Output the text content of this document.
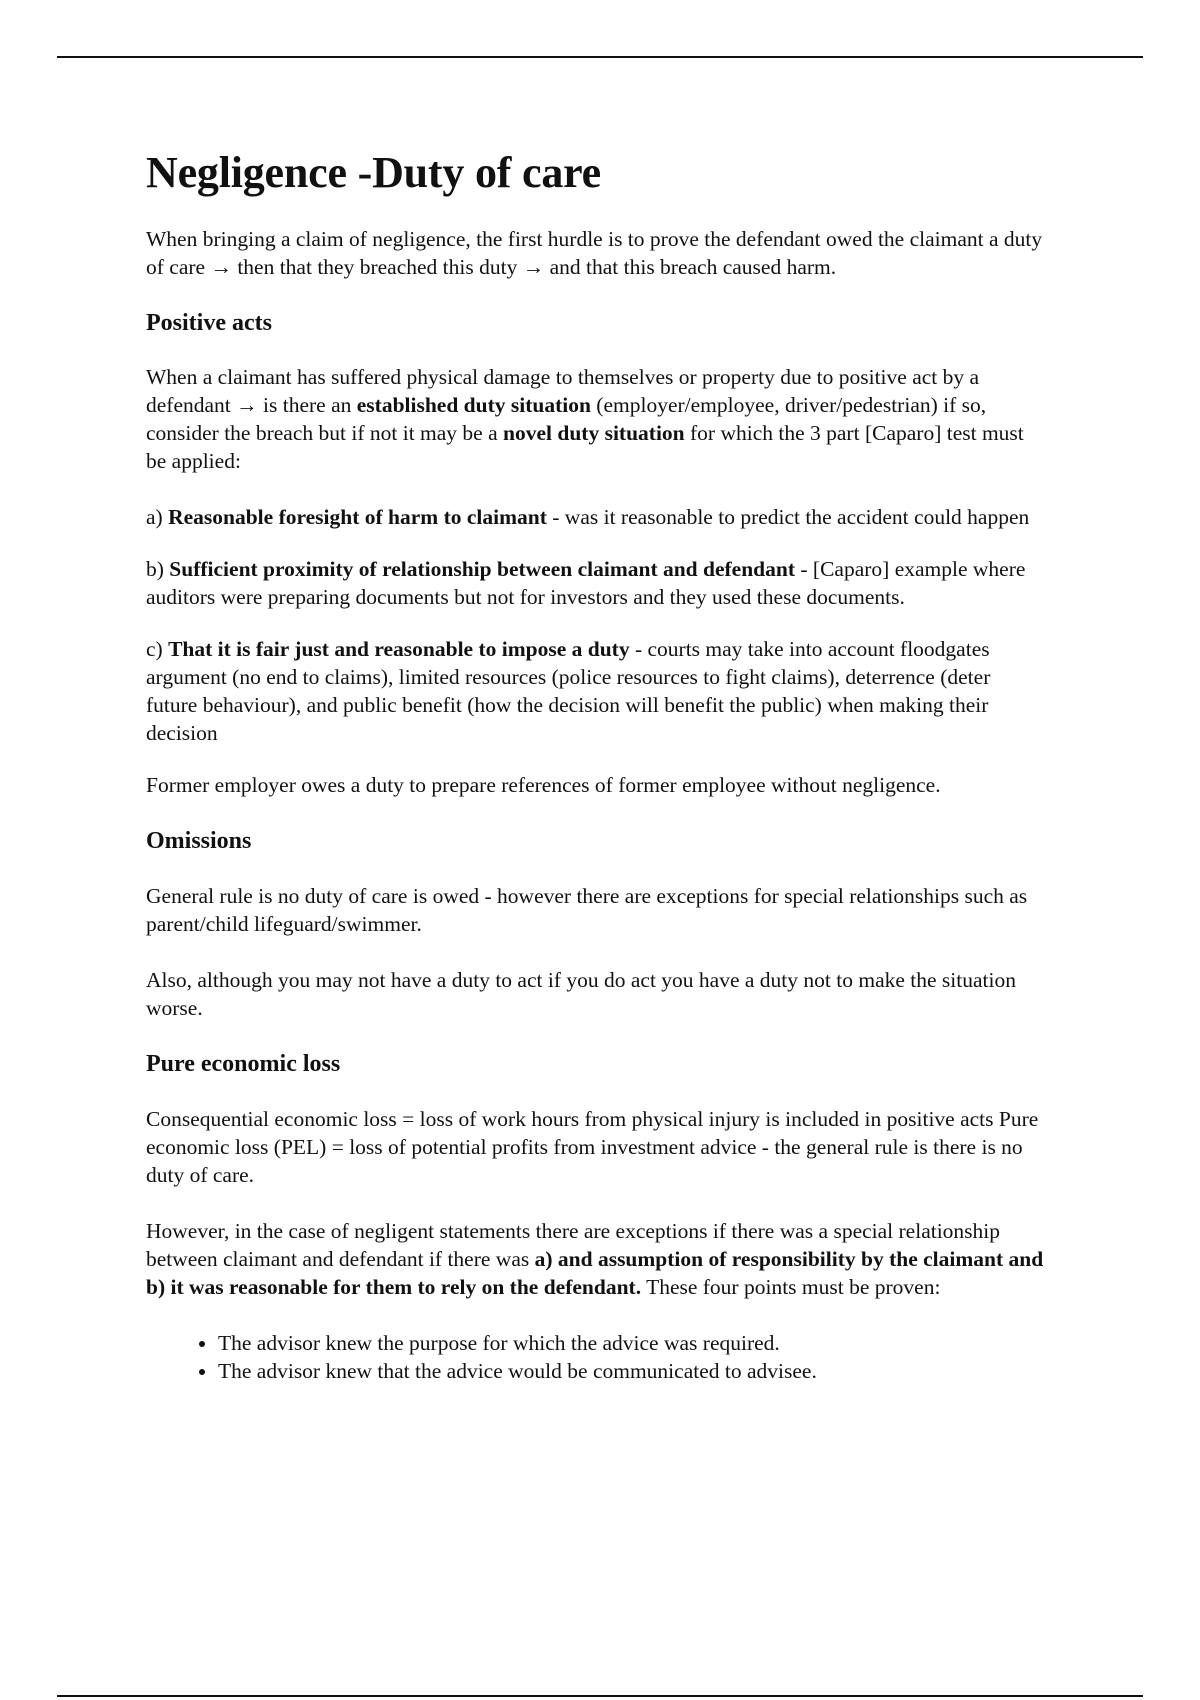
Negligence -Duty of care

When bringing a claim of negligence, the first hurdle is to prove the defendant owed the claimant a duty of care → then that they breached this duty → and that this breach caused harm.

Positive acts

When a claimant has suffered physical damage to themselves or property due to positive act by a defendant → is there an established duty situation (employer/employee, driver/pedestrian) if so, consider the breach but if not it may be a novel duty situation for which the 3 part [Caparo] test must be applied:

a) Reasonable foresight of harm to claimant - was it reasonable to predict the accident could happen

b) Sufficient proximity of relationship between claimant and defendant - [Caparo] example where auditors were preparing documents but not for investors and they used these documents.

c) That it is fair just and reasonable to impose a duty - courts may take into account floodgates argument (no end to claims), limited resources (police resources to fight claims), deterrence (deter future behaviour), and public benefit (how the decision will benefit the public) when making their decision

Former employer owes a duty to prepare references of former employee without negligence.

Omissions

General rule is no duty of care is owed - however there are exceptions for special relationships such as parent/child lifeguard/swimmer.

Also, although you may not have a duty to act if you do act you have a duty not to make the situation worse.

Pure economic loss

Consequential economic loss = loss of work hours from physical injury is included in positive acts Pure economic loss (PEL) = loss of potential profits from investment advice - the general rule is there is no duty of care.

However, in the case of negligent statements there are exceptions if there was a special relationship between claimant and defendant if there was a) and assumption of responsibility by the claimant and b) it was reasonable for them to rely on the defendant. These four points must be proven:

• The advisor knew the purpose for which the advice was required.
• The advisor knew that the advice would be communicated to advisee.
